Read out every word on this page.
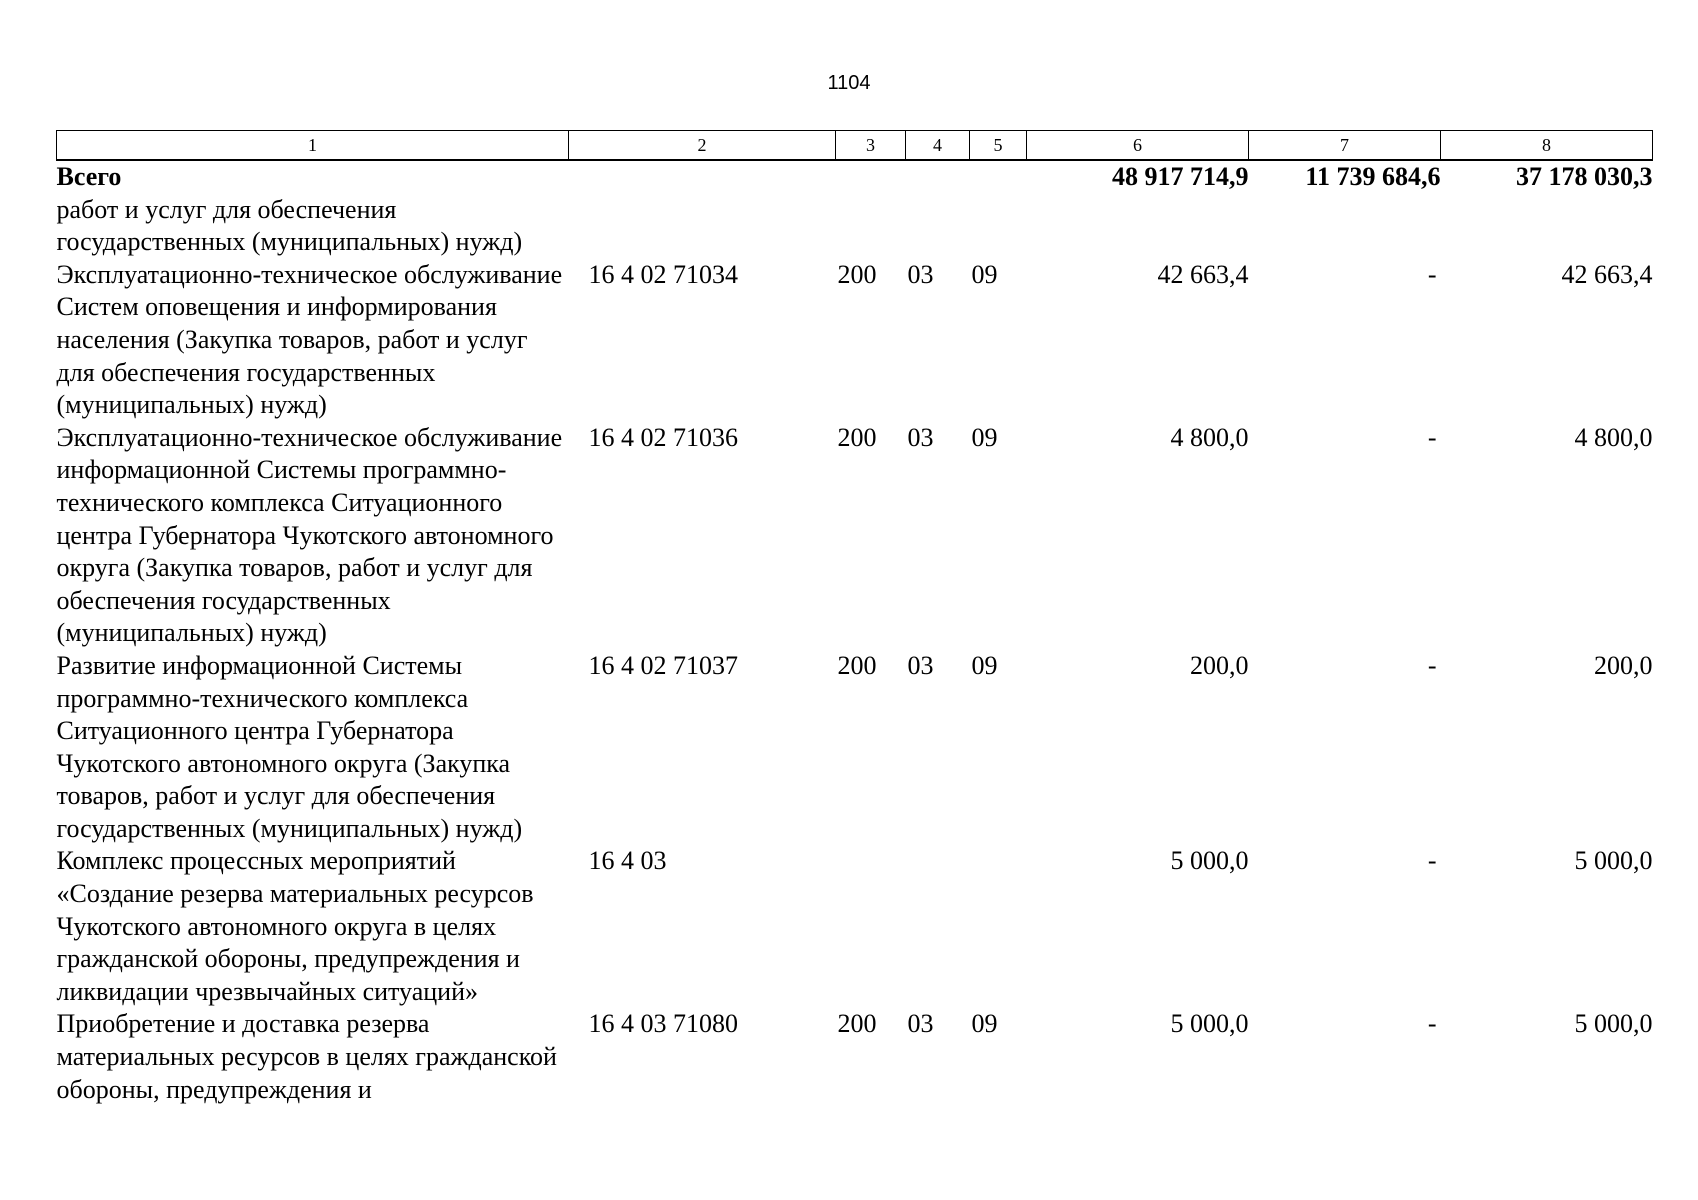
1104
1	2	3	4	5	6	7	8
Всего					48 917 714,9	11 739 684,6	37 178 030,3
работ и услуг для обеспечения государственных (муниципальных) нужд)							
Эксплуатационно-техническое обслуживание Систем оповещения и информирования населения (Закупка товаров, работ и услуг для обеспечения государственных (муниципальных) нужд)	16 4 02 71034	200	03	09	42 663,4	-	42 663,4
Эксплуатационно-техническое обслуживание информационной Системы программно-технического комплекса Ситуационного центра Губернатора Чукотского автономного округа (Закупка товаров, работ и услуг для обеспечения государственных (муниципальных) нужд)	16 4 02 71036	200	03	09	4 800,0	-	4 800,0
Развитие информационной Системы программно-технического комплекса Ситуационного центра Губернатора Чукотского автономного округа (Закупка товаров, работ и услуг для обеспечения государственных (муниципальных) нужд)	16 4 02 71037	200	03	09	200,0	-	200,0
Комплекс процессных мероприятий «Создание резерва материальных ресурсов Чукотского автономного округа в целях гражданской обороны, предупреждения и ликвидации чрезвычайных ситуаций»	16 4 03				5 000,0	-	5 000,0
Приобретение и доставка резерва материальных ресурсов в целях гражданской обороны, предупреждения и	16 4 03 71080	200	03	09	5 000,0	-	5 000,0
